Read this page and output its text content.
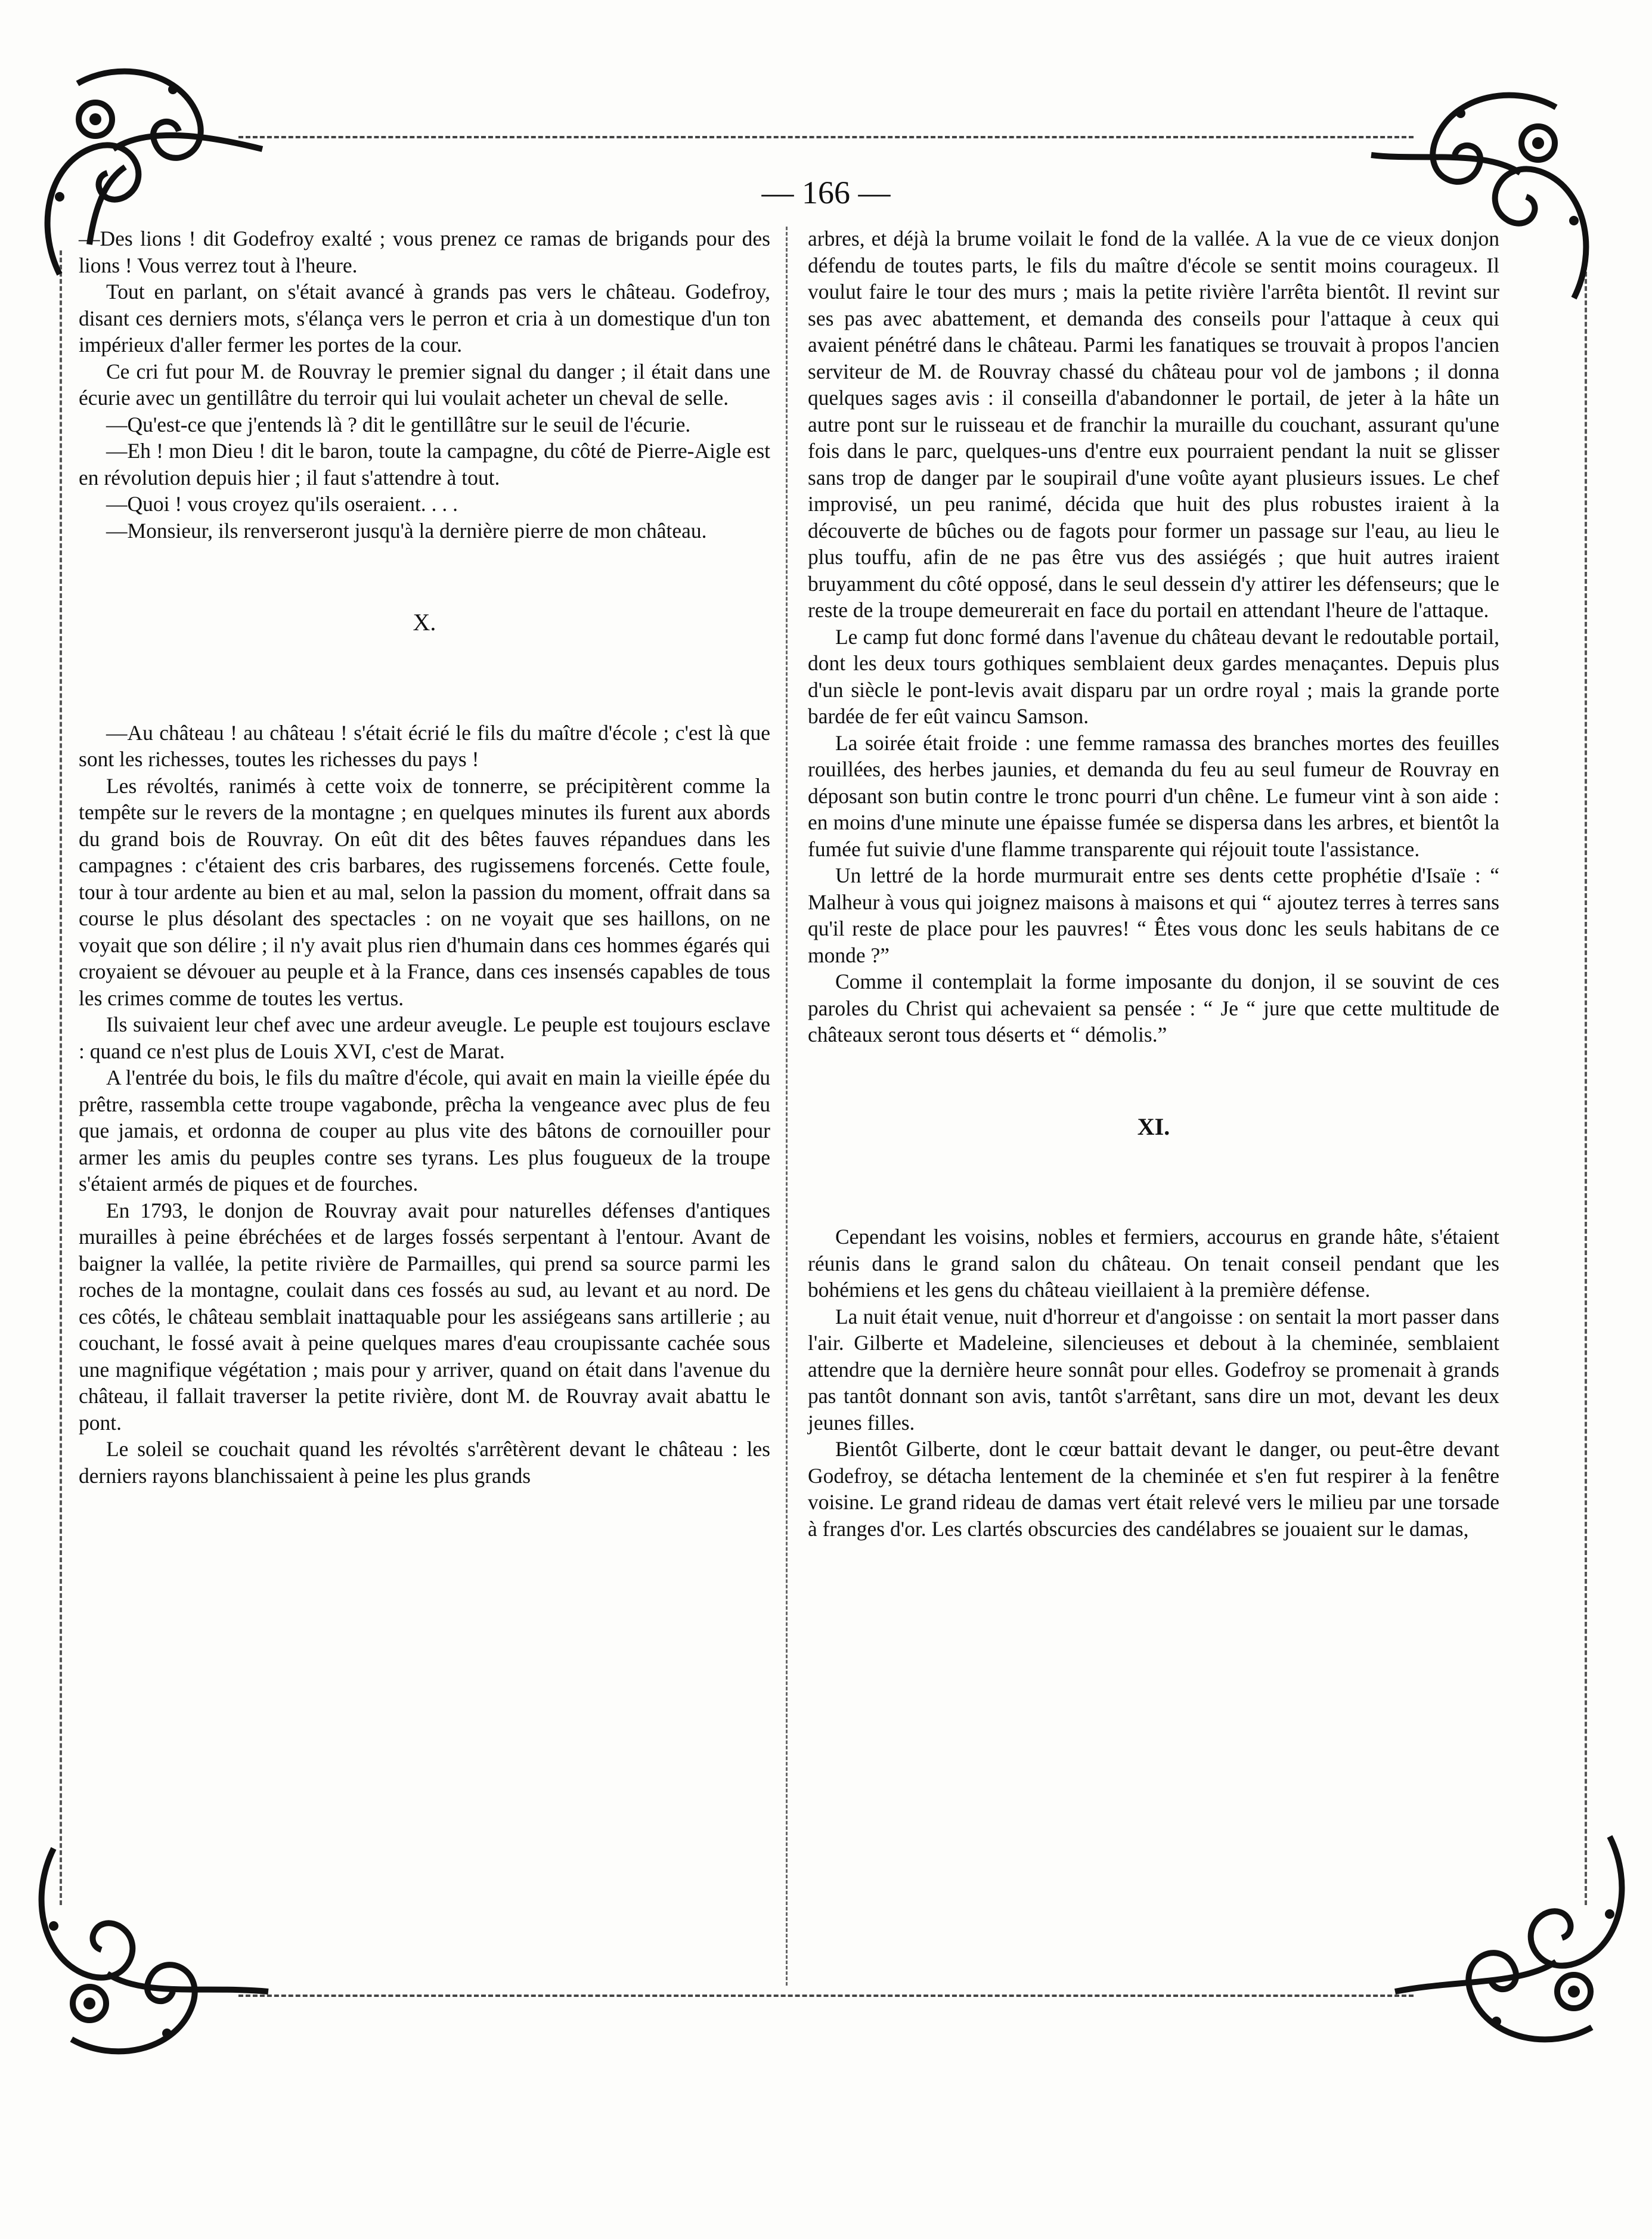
— 166 —

—Des lions ! dit Godefroy exalté ; vous prenez ce ramas de brigands pour des lions ! Vous verrez tout à l'heure.

Tout en parlant, on s'était avancé à grands pas vers le château. Godefroy, disant ces derniers mots, s'élança vers le perron et cria à un domestique d'un ton impérieux d'aller fermer les portes de la cour.

Ce cri fut pour M. de Rouvray le premier signal du danger ; il était dans une écurie avec un gentillâtre du terroir qui lui voulait acheter un cheval de selle.

—Qu'est-ce que j'entends là ? dit le gentillâtre sur le seuil de l'écurie.

—Eh ! mon Dieu ! dit le baron, toute la campagne, du côté de Pierre-Aigle est en révolution depuis hier ; il faut s'attendre à tout.

—Quoi ! vous croyez qu'ils oseraient. . . .

—Monsieur, ils renverseront jusqu'à la dernière pierre de mon château.

X.

—Au château ! au château ! s'était écrié le fils du maître d'école ; c'est là que sont les richesses, toutes les richesses du pays !

Les révoltés, ranimés à cette voix de tonnerre, se précipitèrent comme la tempête sur le revers de la montagne ; en quelques minutes ils furent aux abords du grand bois de Rouvray. On eût dit des bêtes fauves répandues dans les campagnes : c'étaient des cris barbares, des rugissemens forcenés. Cette foule, tour à tour ardente au bien et au mal, selon la passion du moment, offrait dans sa course le plus désolant des spectacles : on ne voyait que ses haillons, on ne voyait que son délire ; il n'y avait plus rien d'humain dans ces hommes égarés qui croyaient se dévouer au peuple et à la France, dans ces insensés capables de tous les crimes comme de toutes les vertus.

Ils suivaient leur chef avec une ardeur aveugle. Le peuple est toujours esclave : quand ce n'est plus de Louis XVI, c'est de Marat.

A l'entrée du bois, le fils du maître d'école, qui avait en main la vieille épée du prêtre, rassembla cette troupe vagabonde, prêcha la vengeance avec plus de feu que jamais, et ordonna de couper au plus vite des bâtons de cornouiller pour armer les amis du peuples contre ses tyrans. Les plus fougueux de la troupe s'étaient armés de piques et de fourches.

En 1793, le donjon de Rouvray avait pour naturelles défenses d'antiques murailles à peine ébréchées et de larges fossés serpentant à l'entour. Avant de baigner la vallée, la petite rivière de Parmailles, qui prend sa source parmi les roches de la montagne, coulait dans ces fossés au sud, au levant et au nord. De ces côtés, le château semblait inattaquable pour les assiégeans sans artillerie ; au couchant, le fossé avait à peine quelques mares d'eau croupissante cachée sous une magnifique végétation ; mais pour y arriver, quand on était dans l'avenue du château, il fallait traverser la petite rivière, dont M. de Rouvray avait abattu le pont.

Le soleil se couchait quand les révoltés s'arrêtèrent devant le château : les derniers rayons blanchissaient à peine les plus grands

arbres, et déjà la brume voilait le fond de la vallée. A la vue de ce vieux donjon défendu de toutes parts, le fils du maître d'école se sentit moins courageux. Il voulut faire le tour des murs ; mais la petite rivière l'arrêta bientôt. Il revint sur ses pas avec abattement, et demanda des conseils pour l'attaque à ceux qui avaient pénétré dans le château. Parmi les fanatiques se trouvait à propos l'ancien serviteur de M. de Rouvray chassé du château pour vol de jambons ; il donna quelques sages avis : il conseilla d'abandonner le portail, de jeter à la hâte un autre pont sur le ruisseau et de franchir la muraille du couchant, assurant qu'une fois dans le parc, quelques-uns d'entre eux pourraient pendant la nuit se glisser sans trop de danger par le soupirail d'une voûte ayant plusieurs issues. Le chef improvisé, un peu ranimé, décida que huit des plus robustes iraient à la découverte de bûches ou de fagots pour former un passage sur l'eau, au lieu le plus touffu, afin de ne pas être vus des assiégés ; que huit autres iraient bruyamment du côté opposé, dans le seul dessein d'y attirer les défenseurs; que le reste de la troupe demeurerait en face du portail en attendant l'heure de l'attaque.

Le camp fut donc formé dans l'avenue du château devant le redoutable portail, dont les deux tours gothiques semblaient deux gardes menaçantes. Depuis plus d'un siècle le pont-levis avait disparu par un ordre royal ; mais la grande porte bardée de fer eût vaincu Samson.

La soirée était froide : une femme ramassa des branches mortes des feuilles rouillées, des herbes jaunies, et demanda du feu au seul fumeur de Rouvray en déposant son butin contre le tronc pourri d'un chêne. Le fumeur vint à son aide : en moins d'une minute une épaisse fumée se dispersa dans les arbres, et bientôt la fumée fut suivie d'une flamme transparente qui réjouit toute l'assistance.

Un lettré de la horde murmurait entre ses dents cette prophétie d'Isaïe : “ Malheur à vous qui joignez maisons à maisons et qui “ ajoutez terres à terres sans qu'il reste de place pour les pauvres! “ Êtes vous donc les seuls habitans de ce monde ?”

Comme il contemplait la forme imposante du donjon, il se souvint de ces paroles du Christ qui achevaient sa pensée : “ Je “ jure que cette multitude de châteaux seront tous déserts et “ démolis.”

XI.

Cependant les voisins, nobles et fermiers, accourus en grande hâte, s'étaient réunis dans le grand salon du château. On tenait conseil pendant que les bohémiens et les gens du château vieillaient à la première défense.

La nuit était venue, nuit d'horreur et d'angoisse : on sentait la mort passer dans l'air. Gilberte et Madeleine, silencieuses et debout à la cheminée, semblaient attendre que la dernière heure sonnât pour elles. Godefroy se promenait à grands pas tantôt donnant son avis, tantôt s'arrêtant, sans dire un mot, devant les deux jeunes filles.

Bientôt Gilberte, dont le cœur battait devant le danger, ou peut-être devant Godefroy, se détacha lentement de la cheminée et s'en fut respirer à la fenêtre voisine. Le grand rideau de damas vert était relevé vers le milieu par une torsade à franges d'or. Les clartés obscurcies des candélabres se jouaient sur le damas,
